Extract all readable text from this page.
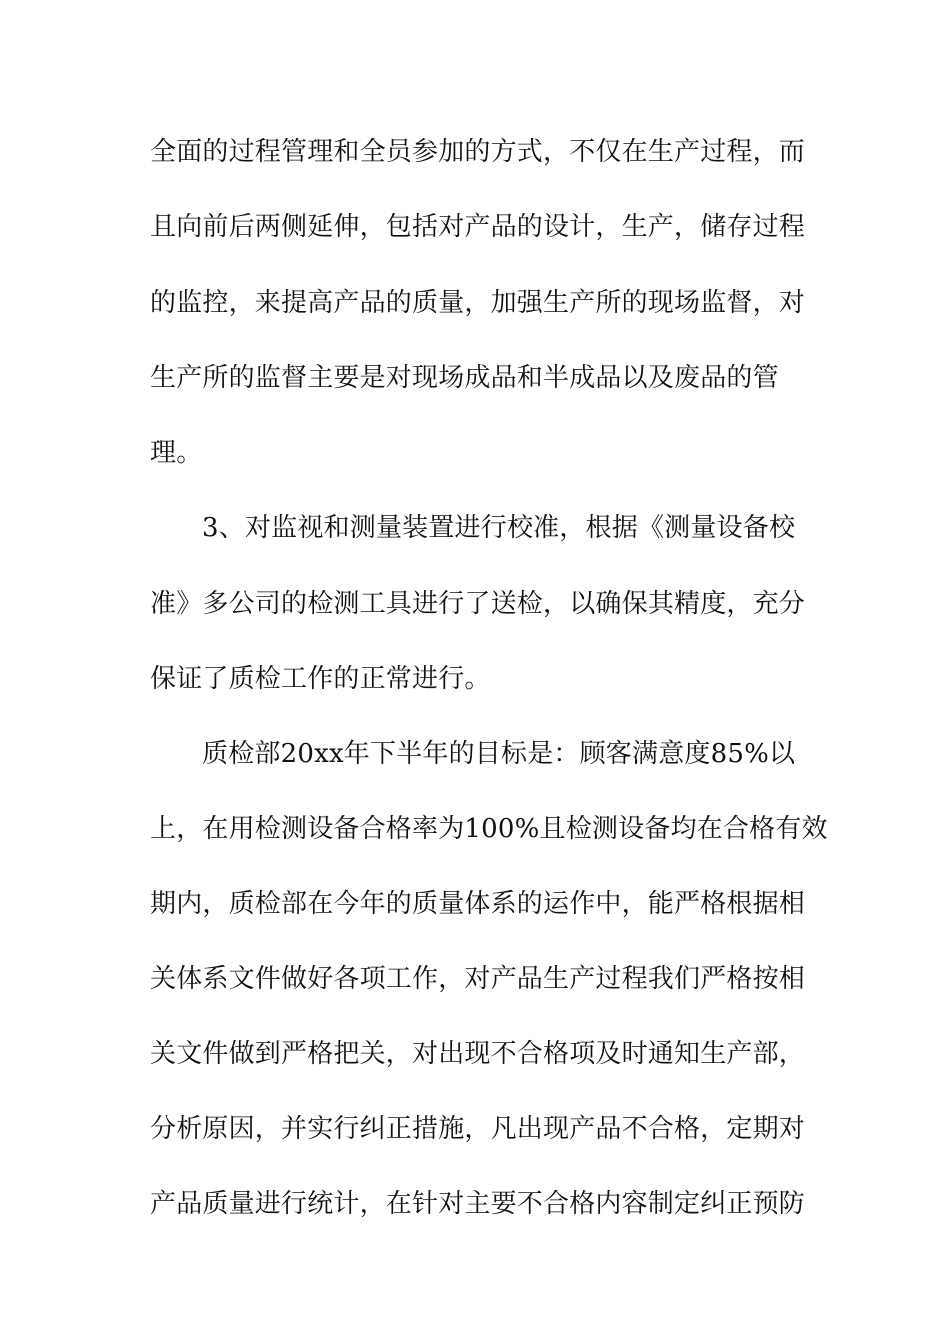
全面的过程管理和全员参加的方式，不仅在生产过程，而
且向前后两侧延伸，包括对产品的设计，生产，储存过程
的监控，来提高产品的质量，加强生产所的现场监督，对
生产所的监督主要是对现场成品和半成品以及废品的管
理。
3、对监视和测量装置进行校准，根据《测量设备校
准》多公司的检测工具进行了送检，以确保其精度，充分
保证了质检工作的正常进行。
质检部20xx年下半年的目标是：顾客满意度85%以
上，在用检测设备合格率为100%且检测设备均在合格有效
期内，质检部在今年的质量体系的运作中，能严格根据相
关体系文件做好各项工作，对产品生产过程我们严格按相
关文件做到严格把关，对出现不合格项及时通知生产部，
分析原因，并实行纠正措施，凡出现产品不合格，定期对
产品质量进行统计，在针对主要不合格内容制定纠正预防
